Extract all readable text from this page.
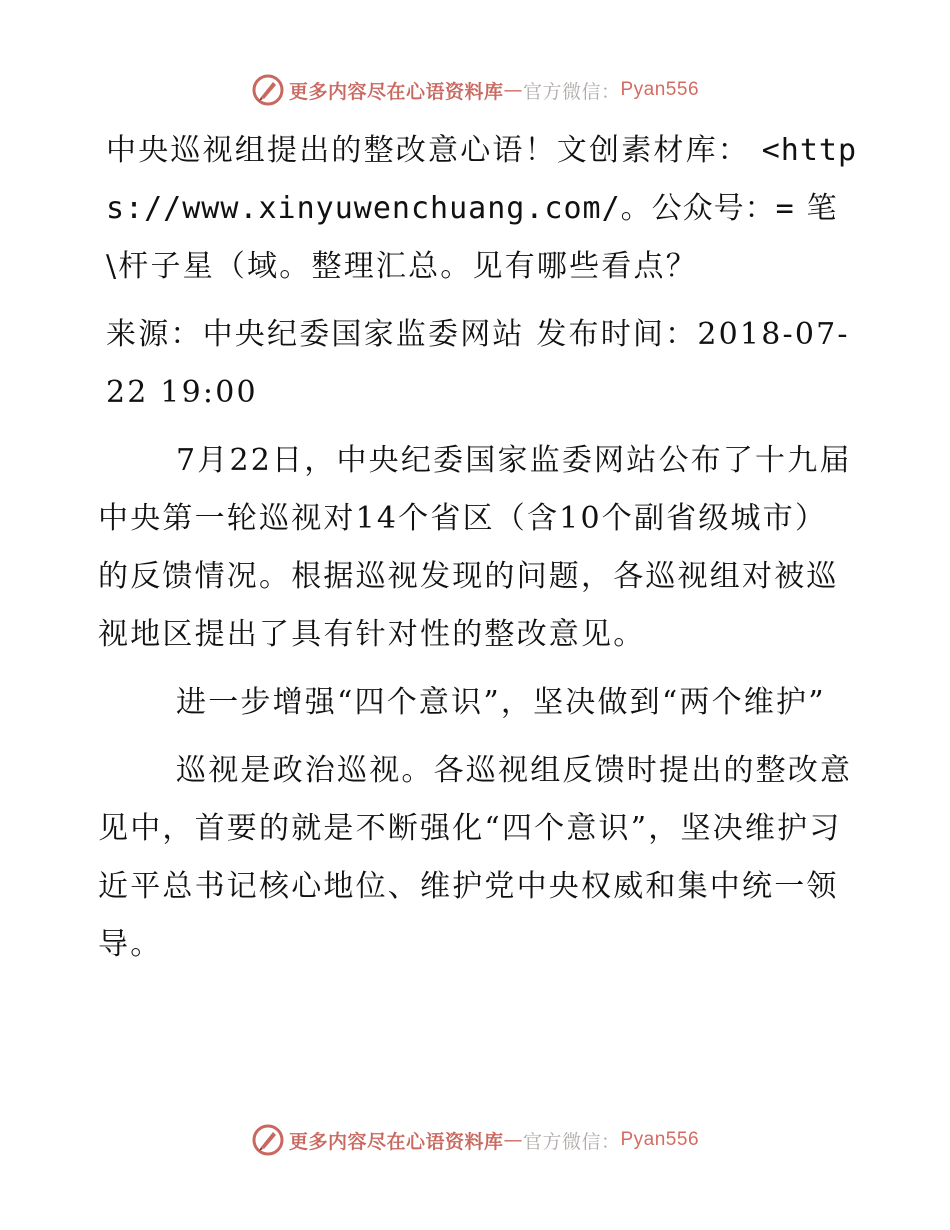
更多内容尽在心语资料库 — 官方微信： Pyan556

中央巡视组提出的整改意心语！文创素材库： <https://www.xinyuwenchuang.com/。公众号：= 笔\杆子星（域。整理汇总。见有哪些看点？

来源：中央纪委国家监委网站 发布时间：2018-07-22 19:00

7月22日，中央纪委国家监委网站公布了十九届中央第一轮巡视对14个省区（含10个副省级城市）的反馈情况。根据巡视发现的问题，各巡视组对被巡视地区提出了具有针对性的整改意见。

进一步增强“四个意识”，坚决做到“两个维护”

巡视是政治巡视。各巡视组反馈时提出的整改意见中，首要的就是不断强化“四个意识”，坚决维护习近平总书记核心地位、维护党中央权威和集中统一领导。

更多内容尽在心语资料库 — 官方微信： Pyan556
